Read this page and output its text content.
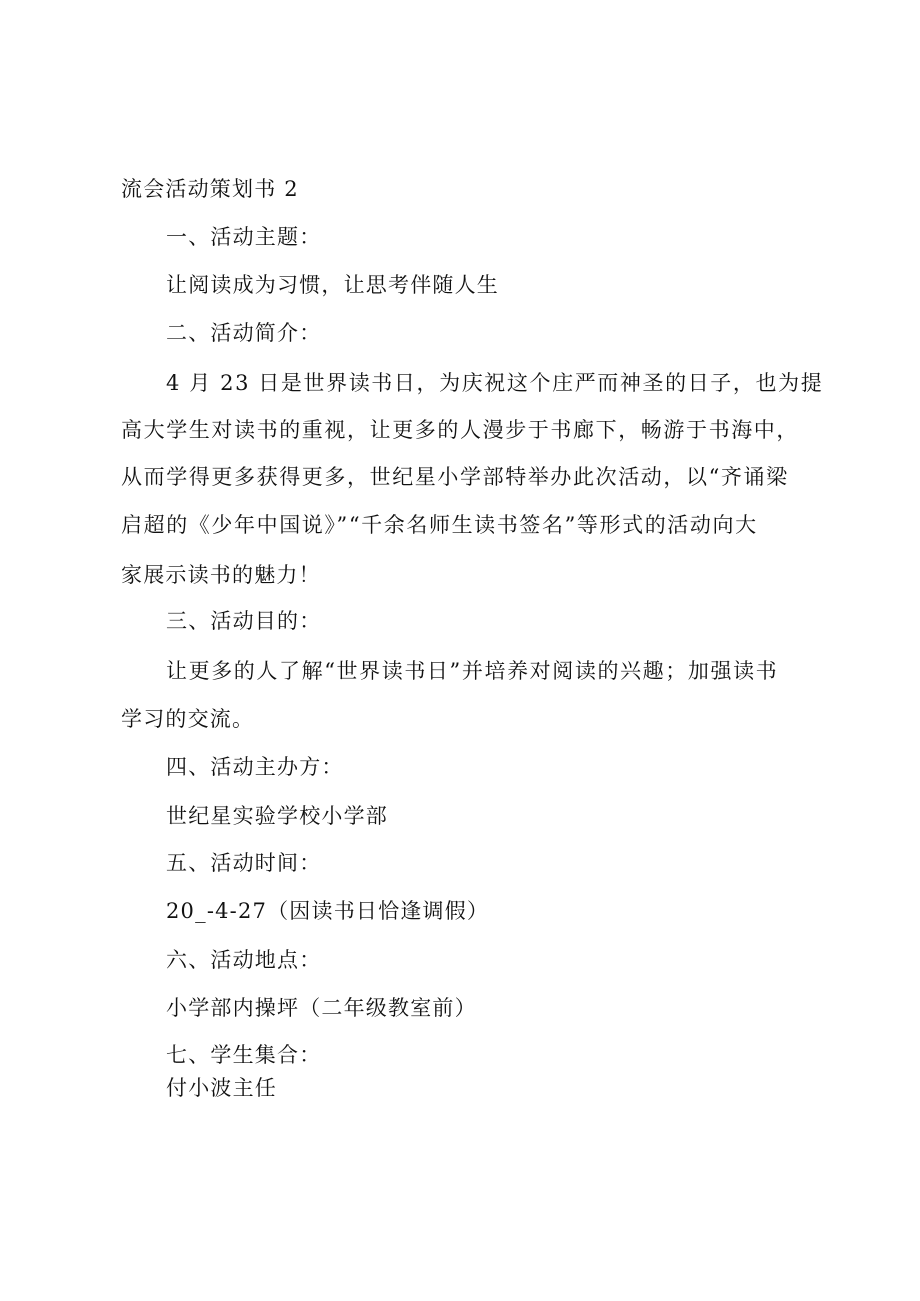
流会活动策划书 2
一、活动主题：
让阅读成为习惯，让思考伴随人生
二、活动简介：
4 月 23 日是世界读书日，为庆祝这个庄严而神圣的日子，也为提
高大学生对读书的重视，让更多的人漫步于书廊下，畅游于书海中，
从而学得更多获得更多，世纪星小学部特举办此次活动，以“齐诵梁
启超的《少年中国说》”“千余名师生读书签名”等形式的活动向大
家展示读书的魅力！
三、活动目的：
让更多的人了解“世界读书日”并培养对阅读的兴趣；加强读书
学习的交流。
四、活动主办方：
世纪星实验学校小学部
五、活动时间：
20_-4-27（因读书日恰逢调假）
六、活动地点：
小学部内操坪（二年级教室前）
七、学生集合：
付小波主任
